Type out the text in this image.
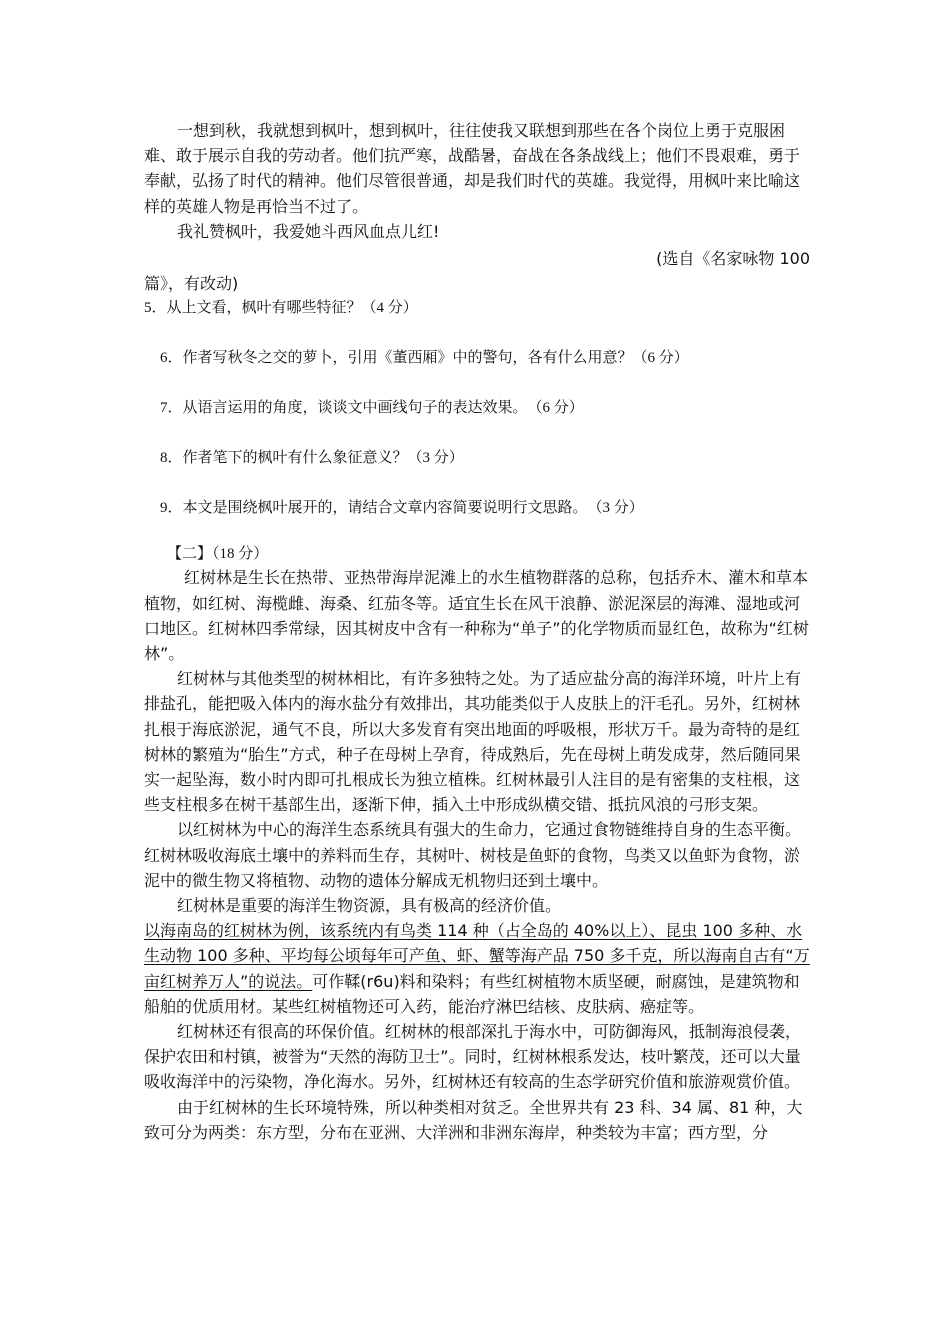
一想到秋，我就想到枫叶，想到枫叶，往往使我又联想到那些在各个岗位上勇于克服困难、敢于展示自我的劳动者。他们抗严寒，战酷暑，奋战在各条战线上；他们不畏艰难，勇于奉献，弘扬了时代的精神。他们尽管很普通，却是我们时代的英雄。我觉得，用枫叶来比喻这样的英雄人物是再恰当不过了。

我礼赞枫叶，我爱她斗西风血点儿红!

(选自《名家咏物 100

篇》，有改动)

5．从上文看，枫叶有哪些特征？（4 分）

6．作者写秋冬之交的萝卜，引用《董西厢》中的警句，各有什么用意？（6 分）

7．从语言运用的角度，谈谈文中画线句子的表达效果。　（6 分）

8．作者笔下的枫叶有什么象征意义？（3 分）

9．本文是围绕枫叶展开的，请结合文章内容简要说明行文思路。　（3 分）

【二】（18 分）

红树林是生长在热带、亚热带海岸泥滩上的水生植物群落的总称，包括乔木、灌木和草本植物，如红树、海榄雌、海桑、红茄冬等。适宜生长在风干浪静、淤泥深层的海滩、湿地或河口地区。红树林四季常绿，因其树皮中含有一种称为“单子”的化学物质而显红色，故称为“红树林”。

红树林与其他类型的树林相比，有许多独特之处。为了适应盐分高的海洋环境，叶片上有排盐孔，能把吸入体内的海水盐分有效排出，其功能类似于人皮肤上的汗毛孔。另外，红树林扎根于海底淤泥，通气不良，所以大多发育有突出地面的呼吸根，形状万千。最为奇特的是红树林的繁殖为“胎生”方式，种子在母树上孕育，待成熟后，先在母树上萌发成芽，然后随同果实一起坠海，数小时内即可扎根成长为独立植株。红树林最引人注目的是有密集的支柱根，这些支柱根多在树干基部生出，逐渐下伸，插入土中形成纵横交错、抵抗风浪的弓形支架。

以红树林为中心的海洋生态系统具有强大的生命力，它通过食物链维持自身的生态平衡。红树林吸收海底土壤中的养料而生存，其树叶、树枝是鱼虾的食物，鸟类又以鱼虾为食物，淤泥中的微生物又将植物、动物的遗体分解成无机物归还到土壤中。

红树林是重要的海洋生物资源，具有极高的经济价值。

以海南岛的红树林为例，该系统内有鸟类 114 种（占全岛的 40%以上）、昆虫 100 多种、水生动物 100 多种、平均每公顷每年可产鱼、虾、蟹等海产品 750 多千克，所以海南自古有“万亩红树养万人”的说法。可作鞣(r6u)料和染料；有些红树植物木质坚硬，耐腐蚀，是建筑物和船舶的优质用材。某些红树植物还可入药，能治疗淋巴结核、皮肤病、癌症等。

红树林还有很高的环保价值。红树林的根部深扎于海水中，可防御海风，抵制海浪侵袭，保护农田和村镇，被誉为“天然的海防卫士”。同时，红树林根系发达，枝叶繁茂，还可以大量吸收海洋中的污染物，净化海水。另外，红树林还有较高的生态学研究价值和旅游观赏价值。

由于红树林的生长环境特殊，所以种类相对贫乏。全世界共有 23 科、34 属、81 种，大致可分为两类：东方型，分布在亚洲、大洋洲和非洲东海岸，种类较为丰富；西方型，分
